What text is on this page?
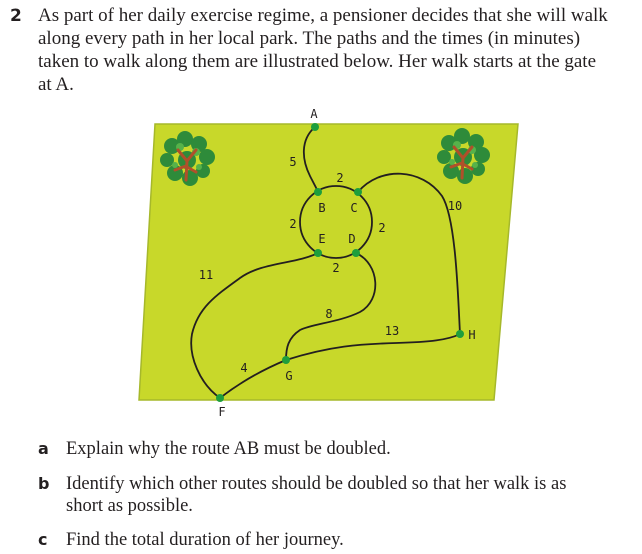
2 As part of her daily exercise regime, a pensioner decides that she will walk

along every path in her local park. The paths and the times (in minutes)

taken to walk along them are illustrated below. Her walk starts at the gate

at A.

A
B C
E D
F
G
H
5
2
2	2
2
10
8
13
11
4
a Explain why the route AB must be doubled.
b Identify which other routes should be doubled so that her walk is as
short as possible.
c Find the total duration of her journey.
